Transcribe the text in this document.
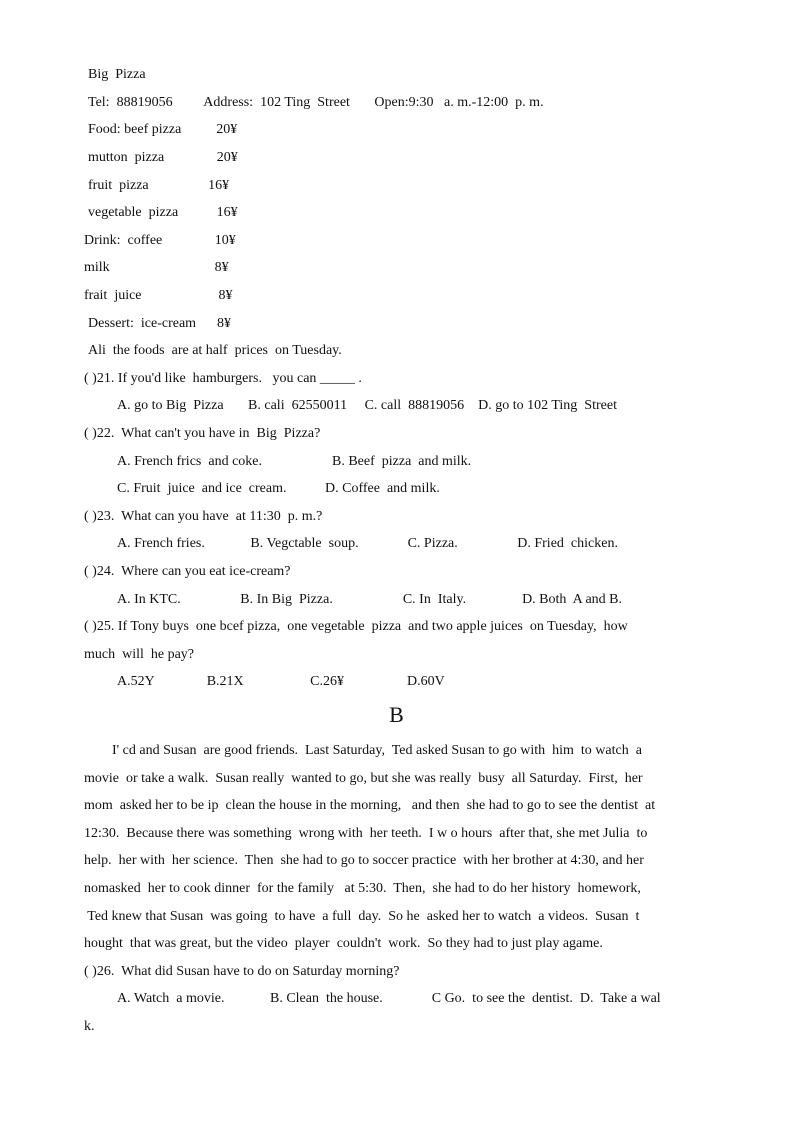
Big  Pizza

Tel:  88819056         Address:  102 Ting  Street       Open:9:30   a. m.-12:00  p. m.

Food: beef pizza          20¥

mutton  pizza               20¥

fruit  pizza                 16¥

vegetable  pizza           16¥

Drink:  coffee               10¥

milk                              8¥

frait  juice                      8¥

Dessert:  ice-cream      8¥

Ali  the foods  are at half  prices  on Tuesday.

( )21. If you'd like  hamburgers.   you can _____ .

A. go to Big  Pizza       B. cali  62550011     C. call  88819056    D. go to 102 Ting  Street

( )22.  What can't you have in  Big  Pizza?

A. French frics  and coke.                    B. Beef  pizza  and milk.

C. Fruit  juice  and ice  cream.           D. Coffee  and milk.

( )23.  What can you have  at 11:30  p. m.?

A. French fries.             B. Vegctable  soup.              C. Pizza.                 D. Fried  chicken.

( )24.  Where can you eat ice-cream?

A. In KTC.                 B. In Big  Pizza.                    C. In  Italy.                D. Both  A and B.

( )25. If Tony buys  one bcef pizza,  one vegetable  pizza  and two apple juices  on Tuesday,  how

much  will  he pay?

A.52Y               B.21X                   C.26¥                  D.60V

B

I' cd and Susan  are good friends.  Last Saturday,  Ted asked Susan to go with  him  to watch  a

movie  or take a walk.  Susan really  wanted to go, but she was really  busy  all Saturday.  First,  her

mom  asked her to be ip  clean the house in the morning,   and then  she had to go to see the dentist  at

12:30.  Because there was something  wrong with  her teeth.  I w o hours  after that, she met Julia  to

help.  her with  her science.  Then  she had to go to soccer practice  with her brother at 4:30, and her

nomasked  her to cook dinner  for the family   at 5:30.  Then,  she had to do her history  homework,

Ted knew that Susan  was going  to have  a full  day.  So he  asked her to watch  a videos.  Susan  t

hought  that was great, but the video  player  couldn't  work.  So they had to just play agame.

( )26.  What did Susan have to do on Saturday morning?

A. Watch  a movie.             B. Clean  the house.              C Go.  to see the  dentist.  D.  Take a wal

k.
